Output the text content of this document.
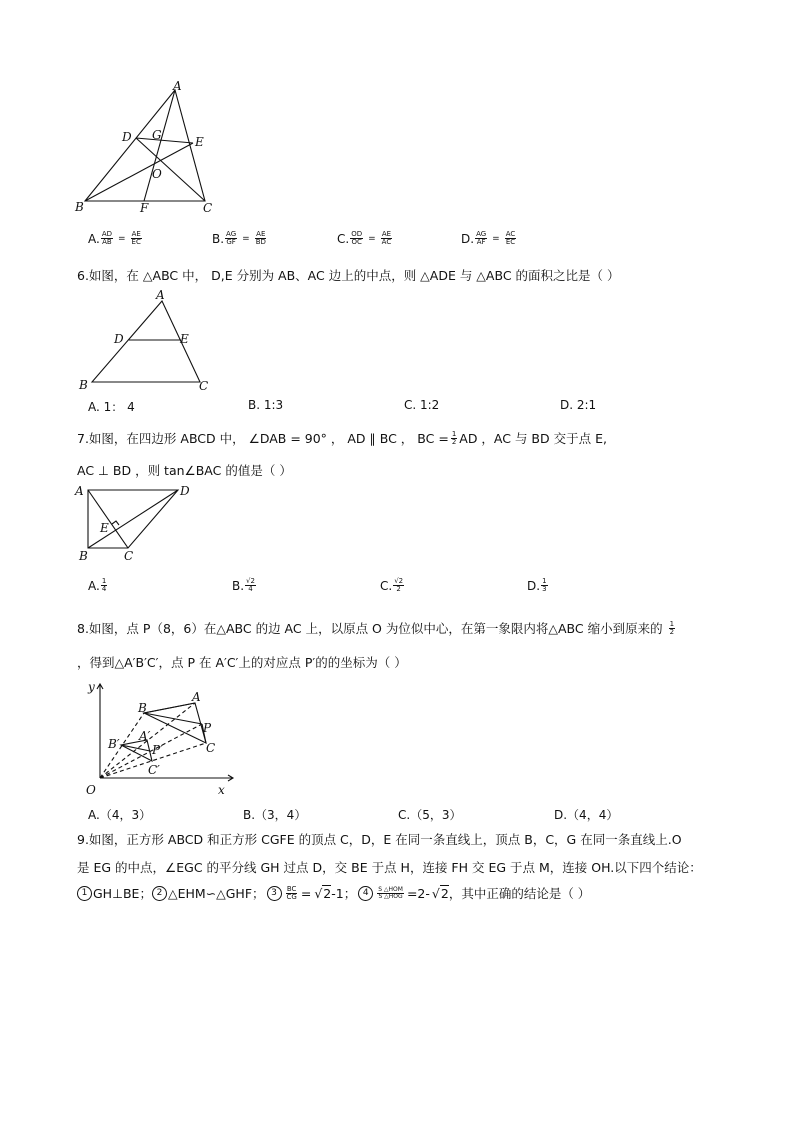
A
D G	E
O
B	F	C
A. $\frac{AD}{AB} = \frac{AE}{EC}$	B. $\frac{AG}{GF} = \frac{AE}{BD}$	C. $\frac{OD}{OC} = \frac{AE}{AC}$	D. $\frac{AG}{AF} = \frac{AC}{EC}$
6.如图，在 △ABC 中， D,E 分别为 AB、AC 边上的中点，则 △ADE 与 △ABC 的面积之比是（ ）
A
D	E
B	C
A. 1： 4	B. 1:3	C. 1:2	D. 2:1
7.如图，在四边形 ABCD 中， ∠DAB = 90° ， AD ∥ BC ， BC = $\frac{1}{2}$ AD ，AC 与 BD 交于点 E,
AC ⊥ BD ，则 tan∠BAC 的值是（ ）
A	D
E
B	C
A. $\frac{1}{4}$	B. $\frac{√2}{4}$	C. $\frac{√2}{2}$	D. $\frac{1}{3}$
8.如图，点 P（8，6）在△ABC 的边 AC 上，以原点 O 为位似中心，在第一象限内将△ABC 缩小到原来的 $\frac{1}{2}$
，得到△A′B′C′，点 P 在 A′C′上的对应点 P′的的坐标为（ ）
y
x
O
A
B
P
C
A′
B′	P′
C′
A.（4，3）	B.（3，4）	C.（5，3）	D.（4，4）
9.如图，正方形 ABCD 和正方形 CGFE 的顶点 C，D，E 在同一条直线上，顶点 B，C，G 在同一条直线上.O
是 EG 的中点，∠EGC 的平分线 GH 过点 D，交 BE 于点 H，连接 FH 交 EG 于点 M，连接 OH.以下四个结论：
1 GH⊥BE； 2 △EHM∽△GHF； 3	$\frac{BC}{CG} = √2$ -1； 4	$\frac{\text{S △HOM}}{\text{S △HOG}} =2-$ √2 ，其中正确的结论是（ ）
